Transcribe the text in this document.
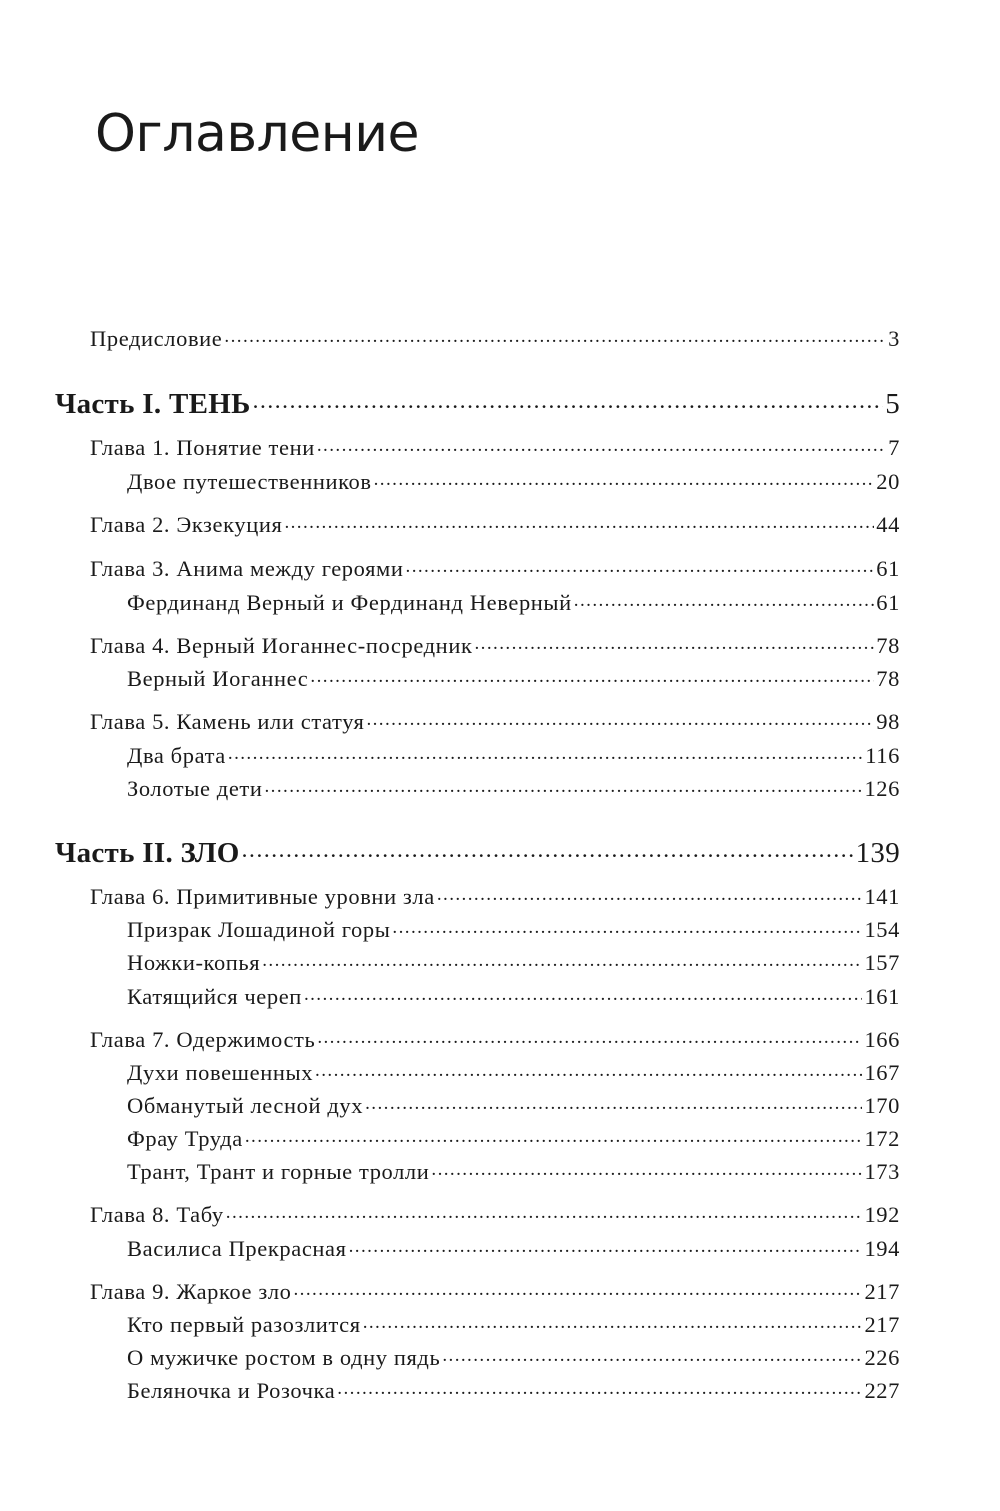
Оглавление
Предисловие .....	3
Часть I. ТЕНЬ .....	5
Глава 1. Понятие тени .....	7
Двое путешественников .....	20
Глава 2. Экзекуция .....	44
Глава 3. Анима между героями .....	61
Фердинанд Верный и Фердинанд Неверный .....	61
Глава 4. Верный Иоганнес-посредник .....	78
Верный Иоганнес .....	78
Глава 5. Камень или статуя .....	98
Два брата .....	116
Золотые дети .....	126
Часть II. ЗЛО .....	139
Глава 6. Примитивные уровни зла .....	141
Призрак Лошадиной горы .....	154
Ножки-копья .....	157
Катящийся череп .....	161
Глава 7. Одержимость .....	166
Духи повешенных .....	167
Обманутый лесной дух .....	170
Фрау Труда .....	172
Трант, Трант и горные тролли .....	173
Глава 8. Табу .....	192
Василиса Прекрасная .....	194
Глава 9. Жаркое зло .....	217
Кто первый разозлится .....	217
О мужичке ростом в одну пядь .....	226
Беляночка и Розочка .....	227
